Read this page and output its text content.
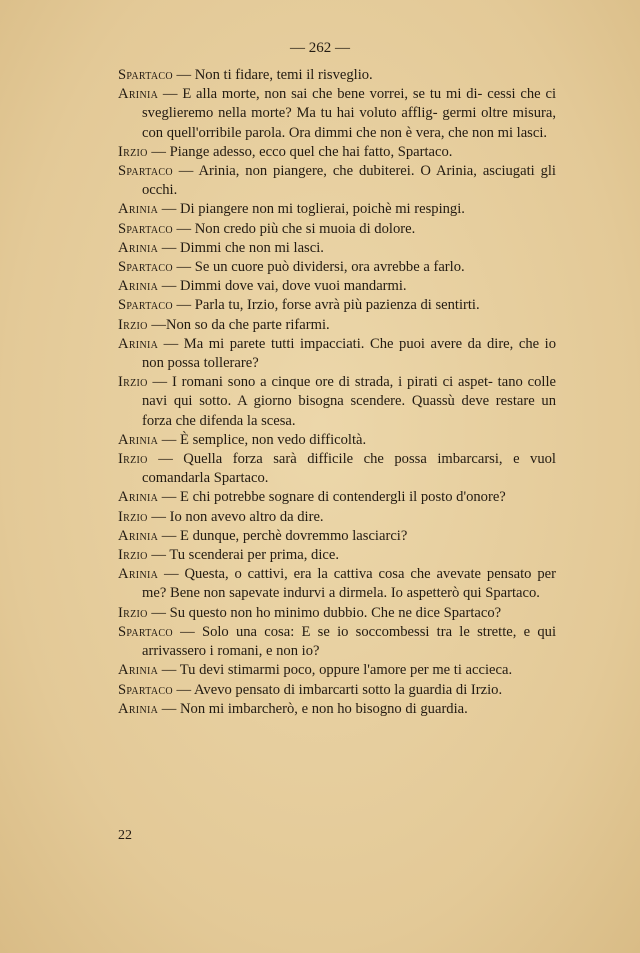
— 262 —
Spartaco — Non ti fidare, temi il risveglio.
Arinia — E alla morte, non sai che bene vorrei, se tu mi di- cessi che ci sveglieremo nella morte? Ma tu hai voluto afflig- germi oltre misura, con quell'orribile parola. Ora dimmi che non è vera, che non mi lasci.
Irzio — Piange adesso, ecco quel che hai fatto, Spartaco.
Spartaco — Arinia, non piangere, che dubiterei. O Arinia, asciugati gli occhi.
Arinia — Di piangere non mi toglierai, poichè mi respingi.
Spartaco — Non credo più che si muoia di dolore.
Arinia — Dimmi che non mi lasci.
Spartaco — Se un cuore può dividersi, ora avrebbe a farlo.
Arinia — Dimmi dove vai, dove vuoi mandarmi.
Spartaco — Parla tu, Irzio, forse avrà più pazienza di sentirti.
Irzio —Non so da che parte rifarmi.
Arinia — Ma mi parete tutti impacciati. Che puoi avere da dire, che io non possa tollerare?
Irzio — I romani sono a cinque ore di strada, i pirati ci aspet- tano colle navi qui sotto. A giorno bisogna scendere. Quassù deve restare un forza che difenda la scesa.
Arinia — È semplice, non vedo difficoltà.
Irzio — Quella forza sarà difficile che possa imbarcarsi, e vuol comandarla Spartaco.
Arinia — E chi potrebbe sognare di contendergli il posto d'onore?
Irzio — Io non avevo altro da dire.
Arinia — E dunque, perchè dovremmo lasciarci?
Irzio — Tu scenderai per prima, dice.
Arinia — Questa, o cattivi, era la cattiva cosa che avevate pensato per me? Bene non sapevate indurvi a dirmela. Io aspetterò qui Spartaco.
Irzio — Su questo non ho minimo dubbio. Che ne dice Spartaco?
Spartaco — Solo una cosa: E se io soccombessi tra le strette, e qui arrivassero i romani, e non io?
Arinia — Tu devi stimarmi poco, oppure l'amore per me ti accieca.
Spartaco — Avevo pensato di imbarcarti sotto la guardia di Irzio.
Arinia — Non mi imbarcherò, e non ho bisogno di guardia.
22
